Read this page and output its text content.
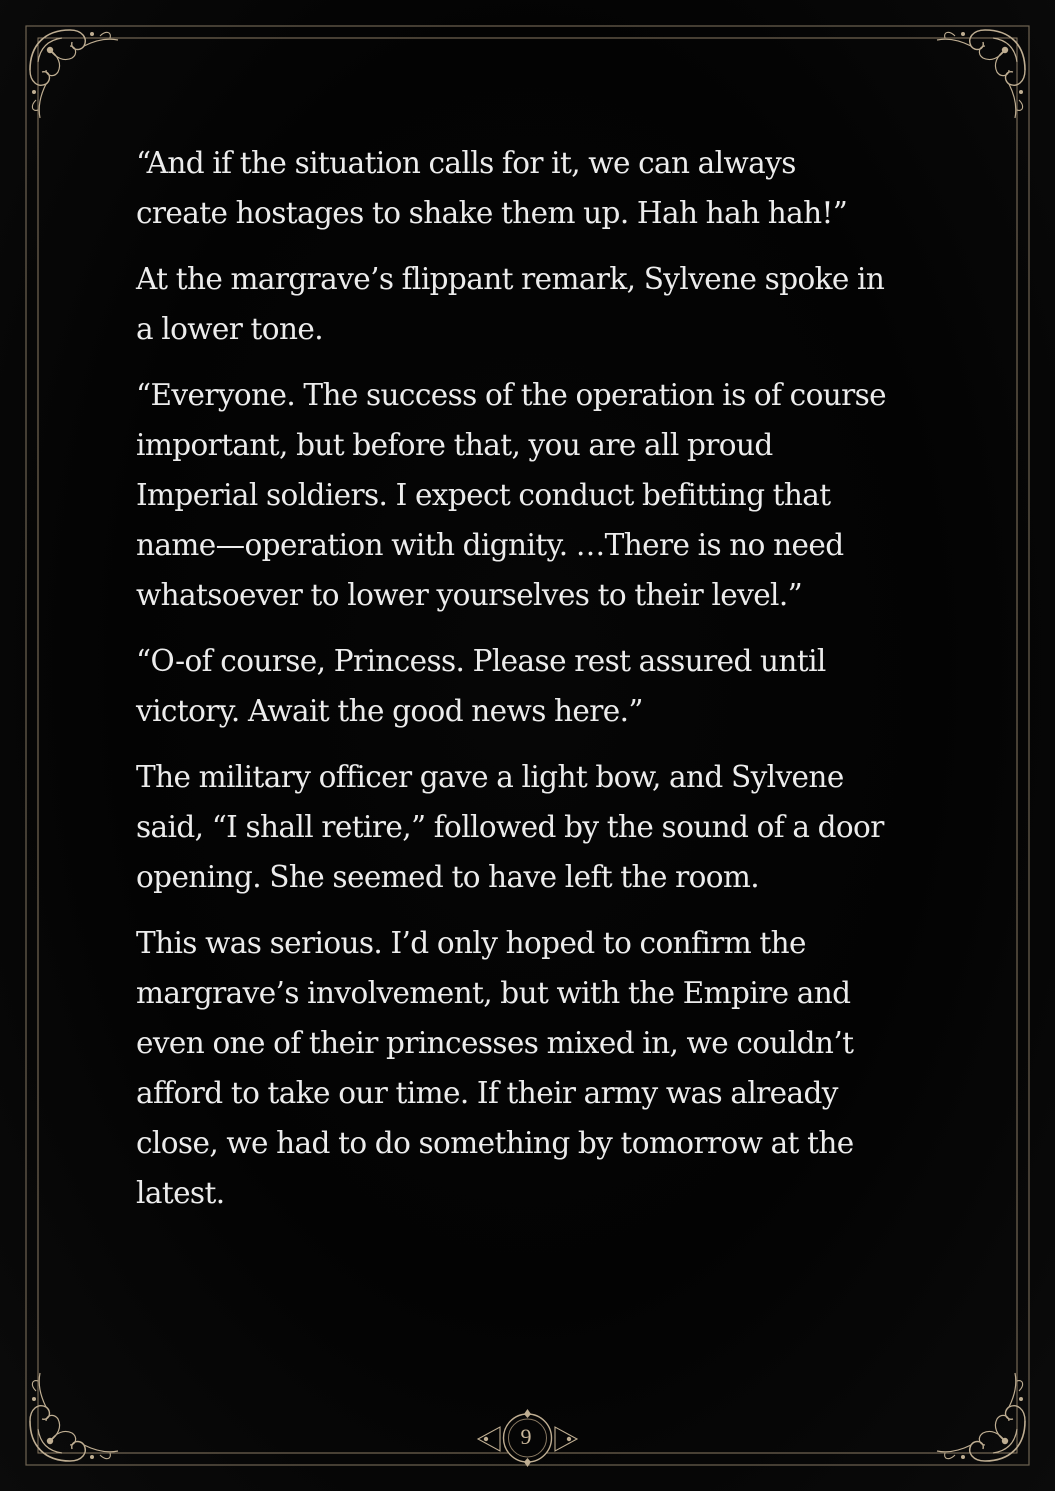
“And if the situation calls for it, we can always
create hostages to shake them up. Hah hah hah!”

At the margrave’s flippant remark, Sylvene spoke in
a lower tone.

“Everyone. The success of the operation is of course
important, but before that, you are all proud
Imperial soldiers. I expect conduct befitting that
name—operation with dignity. …There is no need
whatsoever to lower yourselves to their level.”

“O-of course, Princess. Please rest assured until
victory. Await the good news here.”

The military officer gave a light bow, and Sylvene
said, “I shall retire,” followed by the sound of a door
opening. She seemed to have left the room.

This was serious. I’d only hoped to confirm the
margrave’s involvement, but with the Empire and
even one of their princesses mixed in, we couldn’t
afford to take our time. If their army was already
close, we had to do something by tomorrow at the
latest.

9
